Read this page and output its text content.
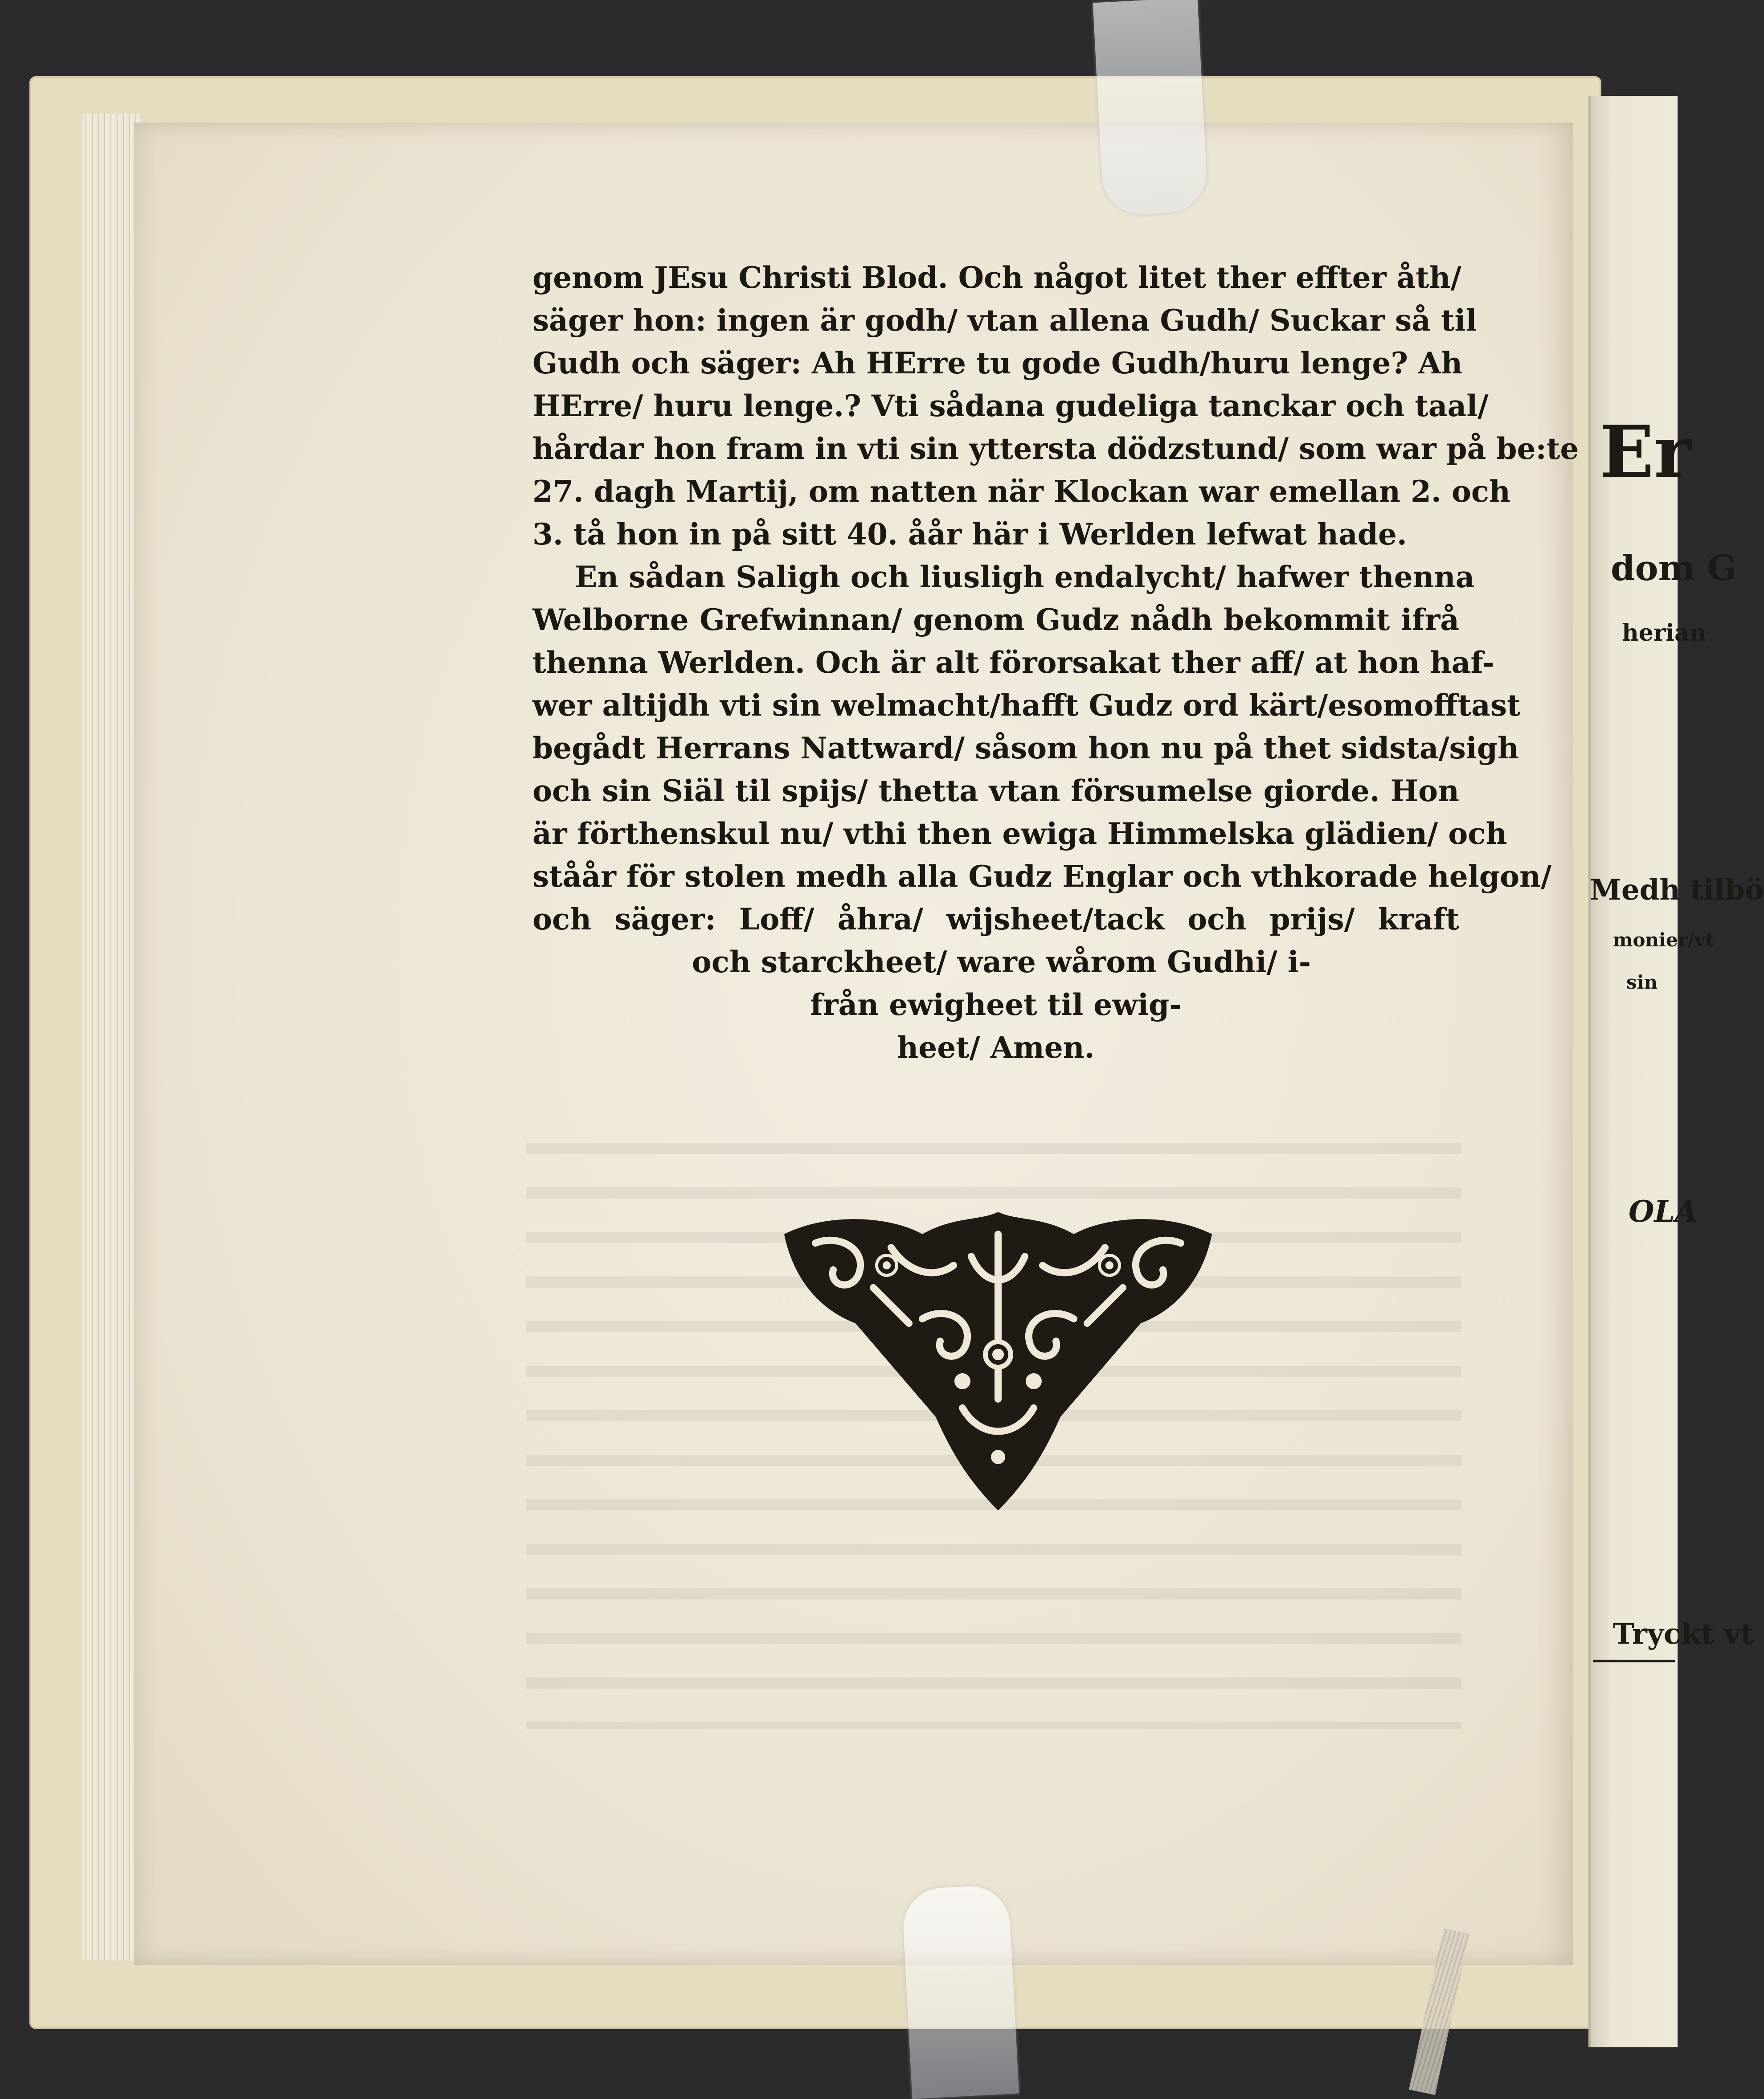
genom JEsu Christi Blod. Och något litet ther effter åth/
säger hon: ingen är godh/ vtan allena Gudh/ Suckar så til
Gudh och säger: Ah HErre tu gode Gudh/huru lenge? Ah
HErre/ huru lenge.? Vti sådana gudeliga tanckar och taal/
hårdar hon fram in vti sin yttersta dödzstund/ som war på be:te
27. dagh Martij, om natten när Klockan war emellan 2. och
3. tå hon in på sitt 40. åår här i Werlden lefwat hade.
En sådan Saligh och liusligh endalycht/ hafwer thenna
Welborne Grefwinnan/ genom Gudz nådh bekommit ifrå
thenna Werlden. Och är alt förorsakat ther aff/ at hon haf-
wer altijdh vti sin welmacht/hafft Gudz ord kärt/esomofftast
begådt Herrans Nattward/ såsom hon nu på thet sidsta/sigh
och sin Siäl til spijs/ thetta vtan försumelse giorde. Hon
är förthenskul nu/ vthi then ewiga Himmelska glädien/ och
ståår för stolen medh alla Gudz Englar och vthkorade helgon/
och säger: Loff/ åhra/ wijsheet/tack och prijs/ kraft
och starckheet/ ware wårom Gudhi/ i-
från ewigheet til ewig-
heet/ Amen.
Er
dom G
herian
Medh tilbö
monier/vt
sin
OLA
Tryckt vt
